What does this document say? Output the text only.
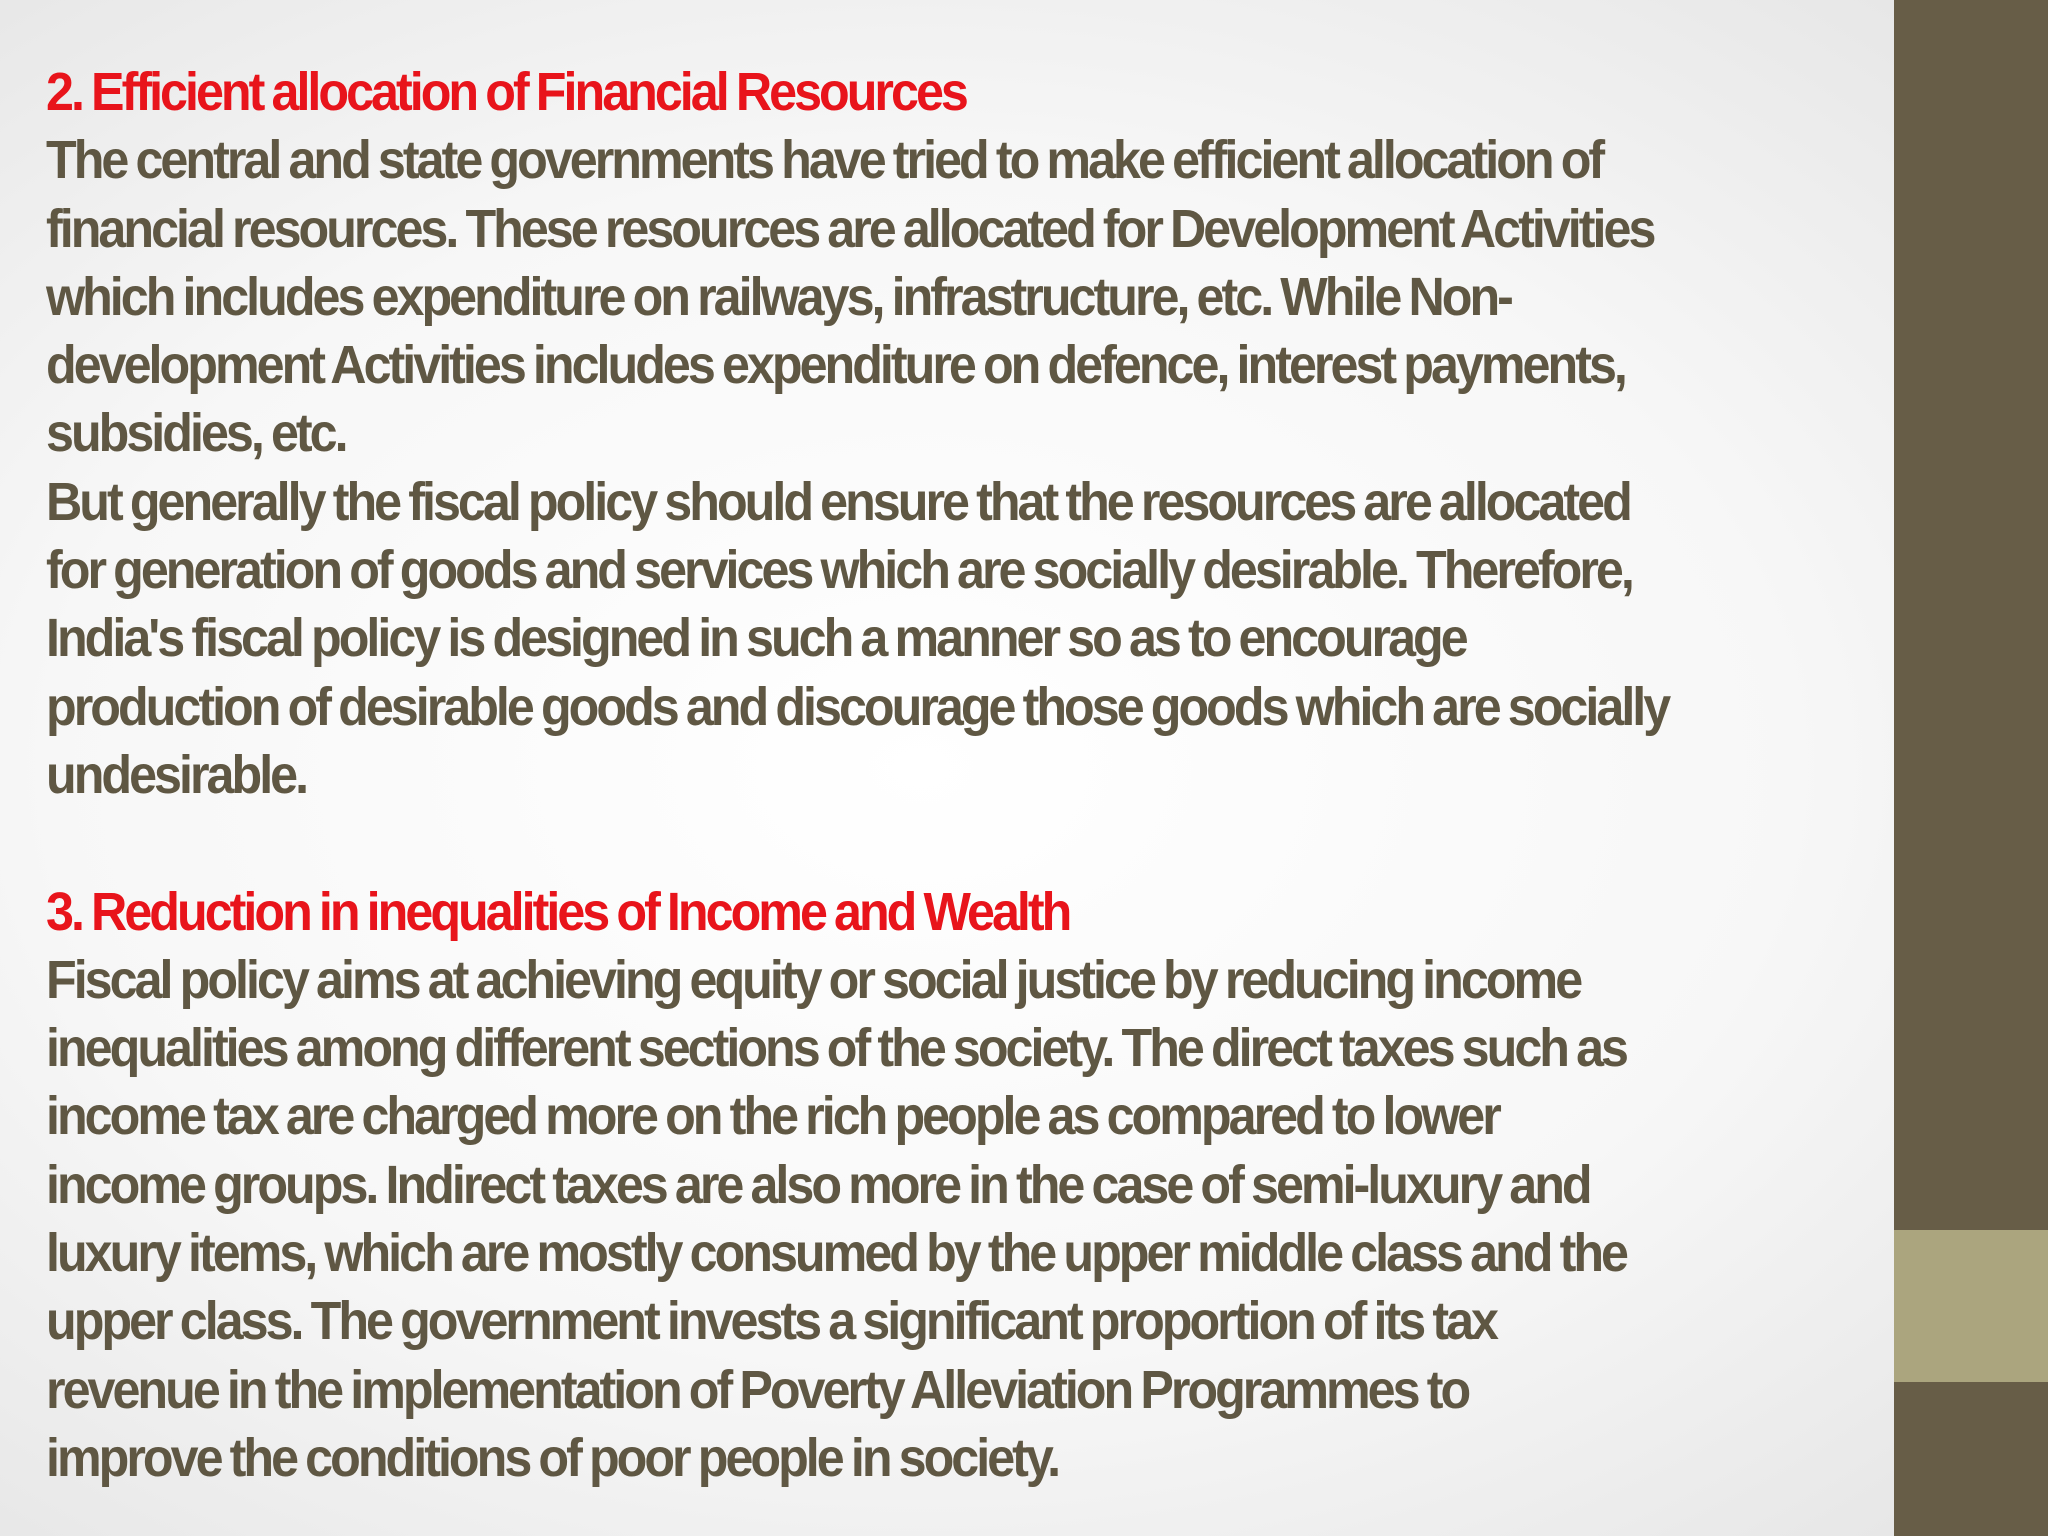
2. Efficient allocation of Financial Resources
The central and state governments have tried to make efficient allocation of
financial resources. These resources are allocated for Development Activities
which includes expenditure on railways, infrastructure, etc. While Non-
development Activities includes expenditure on defence, interest payments,
subsidies, etc.
But generally the fiscal policy should ensure that the resources are allocated
for generation of goods and services which are socially desirable. Therefore,
India's fiscal policy is designed in such a manner so as to encourage
production of desirable goods and discourage those goods which are socially
undesirable.
3. Reduction in inequalities of Income and Wealth
Fiscal policy aims at achieving equity or social justice by reducing income
inequalities among different sections of the society. The direct taxes such as
income tax are charged more on the rich people as compared to lower
income groups. Indirect taxes are also more in the case of semi-luxury and
luxury items, which are mostly consumed by the upper middle class and the
upper class. The government invests a significant proportion of its tax
revenue in the implementation of Poverty Alleviation Programmes to
improve the conditions of poor people in society.
